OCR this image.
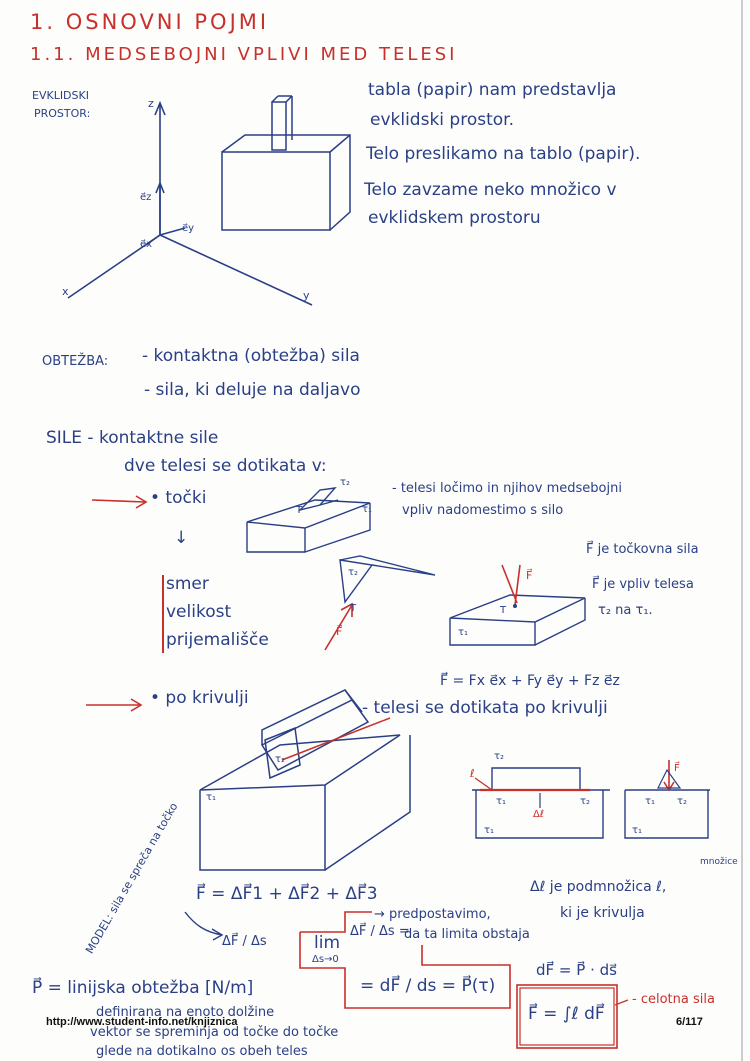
1. OSNOVNI POJMI
1.1. MEDSEBOJNI VPLIVI MED TELESI
EVKLIDSKI
PROSTOR:
z
x	y
e⃗z
e⃗x
e⃗y
tabla (papir) nam predstavlja
evklidski prostor.
Telo preslikamo na tablo (papir).
Telo zavzame neko množico v
evklidskem prostoru
OBTEŽBA: - kontaktna (obtežba) sila
- sila, ki deluje na daljavo
SILE - kontaktne sile
dve telesi se dotikata v:
• točki
↓
smer
velikost
prijemališče
- telesi ločimo in njihov medsebojni
vpliv nadomestimo s silo
T
τ₂
τ₁
τ₂
T
F⃗
T
τ₁
F⃗
F⃗ je točkovna sila
F⃗ je vpliv telesa
τ₂ na τ₁.
F⃗ = Fx e⃗x + Fy e⃗y + Fz e⃗z
• po krivulji	- telesi se dotikata po krivulji
τ₁
τ₂
ℓ
τ₂
τ₁	τ₂
Δℓ
τ₁
τ₁ τ₂
F⃗
τ₁
MODEL: sila se spreča na točko F⃗ = ΔF⃗1 + ΔF⃗2 + ΔF⃗3
ΔF⃗ / Δs
Δℓ je podmnožica ℓ,
ki je krivulja
množice
lim
Δs→0
ΔF⃗ / Δs =
→ predpostavimo,
da ta limita obstaja
= dF⃗ / ds = P⃗(τ)
dF⃗ = P⃗ · ds⃗
F⃗ = ∫ℓ dF⃗
- celotna sila
P⃗ = linijska obtežba [N/m]
definirana na enoto dolžine
vektor se spreminja od točke do točke
glede na dotikalno os obeh teles
http://www.student-info.net/knjiznica	6/117
